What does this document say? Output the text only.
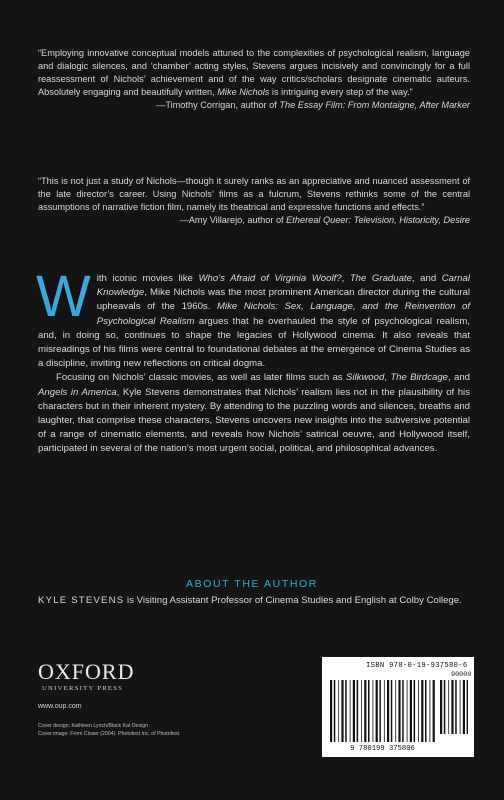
“Employing innovative conceptual models attuned to the complexities of psychological realism, language and dialogic silences, and ‘chamber’ acting styles, Stevens argues incisively and convincingly for a full reassessment of Nichols’ achievement and of the way critics/scholars designate cinematic auteurs. Absolutely engaging and beautifully written, Mike Nichols is intriguing every step of the way.”

—Timothy Corrigan, author of The Essay Film: From Montaigne, After Marker

“This is not just a study of Nichols—though it surely ranks as an appreciative and nuanced assessment of the late director’s career. Using Nichols’ films as a fulcrum, Stevens rethinks some of the central assumptions of narrative fiction film, namely its theatrical and expressive functions and effects.”

—Amy Villarejo, author of Ethereal Queer: Television, Historicity, Desire

With iconic movies like Who’s Afraid of Virginia Woolf?, The Graduate, and Carnal Knowledge, Mike Nichols was the most prominent American director during the cultural upheavals of the 1960s. Mike Nichols: Sex, Language, and the Reinvention of Psychological Realism argues that he overhauled the style of psychological realism, and, in doing so, continues to shape the legacies of Hollywood cinema. It also reveals that misreadings of his films were central to foundational debates at the emergence of Cinema Studies as a discipline, inviting new reflections on critical dogma.

Focusing on Nichols’ classic movies, as well as later films such as Silkwood, The Birdcage, and Angels in America, Kyle Stevens demonstrates that Nichols’ realism lies not in the plausibility of his characters but in their inherent mystery. By attending to the puzzling words and silences, breaths and laughter, that comprise these characters, Stevens uncovers new insights into the subversive potential of a range of cinematic elements, and reveals how Nichols’ satirical oeuvre, and Hollywood itself, participated in several of the nation’s most urgent social, political, and philosophical advances.

ABOUT THE AUTHOR
KYLE STEVENS is Visiting Assistant Professor of Cinema Studies and English at Colby College.
OXFORD
UNIVERSITY PRESS
www.oup.com
Cover design: Kathleen Lynch/Black Kat Design
Cover image: From Closer (2004). Photofest Inc. of Photofest.
ISBN 978-0-19-937580-6
90000
9 780199 375806
